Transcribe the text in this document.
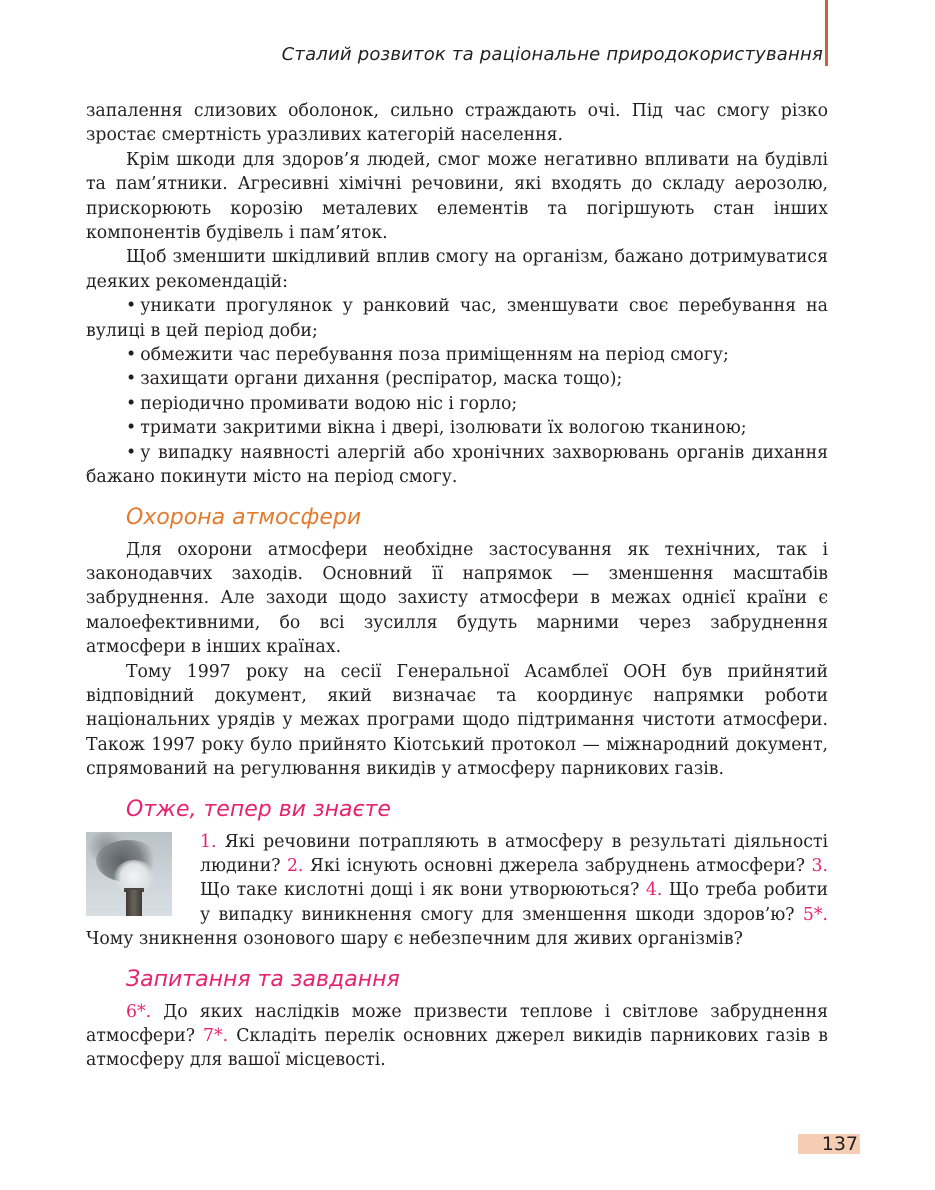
Сталий розвиток та раціональне природокористування

запалення слизових оболонок, сильно страждають очі. Під час смогу різко зростає смертність уразливих категорій населення.

Крім шкоди для здоров’я людей, смог може негативно впливати на будівлі та пам’ятники. Агресивні хімічні речовини, які входять до складу аерозолю, прискорюють корозію металевих елементів та погіршують стан інших компонентів будівель і пам’яток.

Щоб зменшити шкідливий вплив смогу на організм, бажано дотримуватися деяких рекомендацій:

• уникати прогулянок у ранковий час, зменшувати своє перебування на вулиці в цей період доби;

• обмежити час перебування поза приміщенням на період смогу;

• захищати органи дихання (респіратор, маска тощо);

• періодично промивати водою ніс і горло;

• тримати закритими вікна і двері, ізолювати їх вологою тканиною;

• у випадку наявності алергій або хронічних захворювань органів дихання бажано покинути місто на період смогу.

Охорона атмосфери

Для охорони атмосфери необхідне застосування як технічних, так і законодавчих заходів. Основний її напрямок — зменшення масштабів забруднення. Але заходи щодо захисту атмосфери в межах однієї країни є малоефективними, бо всі зусилля будуть марними через забруднення атмосфери в інших країнах.

Тому 1997 року на сесії Генеральної Асамблеї ООН був прийнятий відповідний документ, який визначає та координує напрямки роботи національних урядів у межах програми щодо підтримання чистоти атмосфери. Також 1997 року було прийнято Кіотський протокол — міжнародний документ, спрямований на регулювання викидів у атмосферу парникових газів.

Отже, тепер ви знаєте

1. Які речовини потрапляють в атмосферу в результаті діяльності людини? 2. Які існують основні джерела забруднень атмосфери? 3. Що таке кислотні дощі і як вони утворюються? 4. Що треба робити у випадку виникнення смогу для зменшення шкоди здоров’ю? 5*. Чому зникнення озонового шару є небезпечним для живих організмів?

Запитання та завдання

6*. До яких наслідків може призвести теплове і світлове забруднення атмосфери? 7*. Складіть перелік основних джерел викидів парникових газів в атмосферу для вашої місцевості.

137
